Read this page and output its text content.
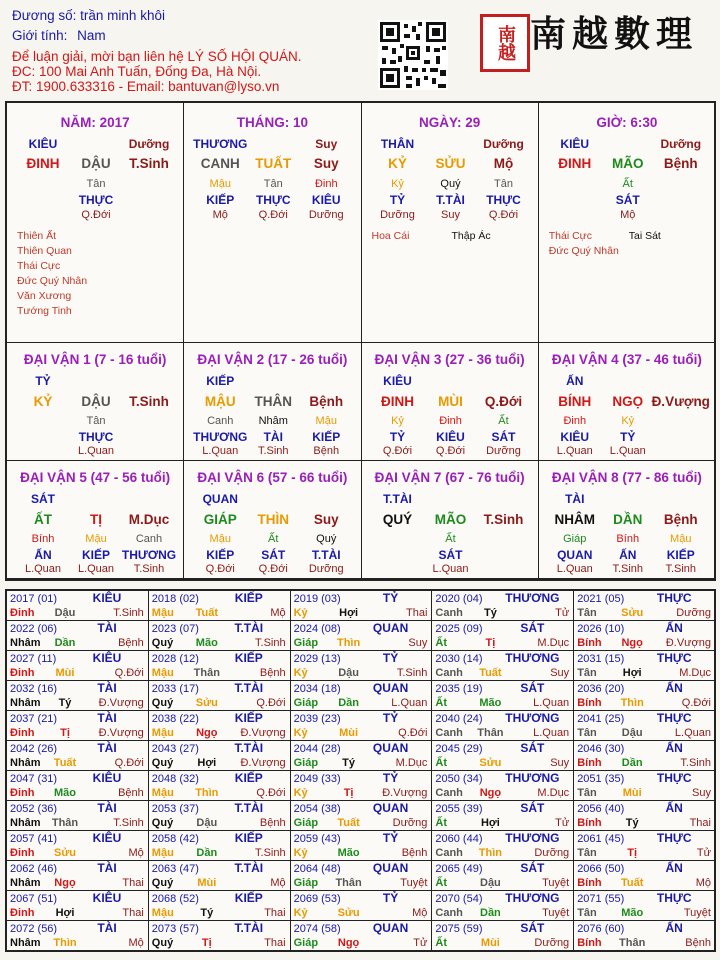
Đương số: trần minh khôi
Giới tính: Nam
Để luận giải, mời bạn liên hệ LÝ SỐ HỘI QUÁN.
ĐC: 100 Mai Anh Tuấn, Đống Đa, Hà Nội.
ĐT: 1900.633316 - Email: bantuvan@lyso.vn
南越 南越數理
NĂM: 2017
KIÊU	Dưỡng
ĐINH DẬU T.Sinh
Tân
THỰC
Q.Đới
Thiên Ất
Thiên Quan
Thái Cực
Đức Quý Nhân
Văn Xương
Tướng Tinh
THÁNG: 10
THƯƠNG	Suy
CANH TUẤT Suy
Mậu	Tân	Đinh
KIẾP THỰC KIÊU
Mộ	Q.Đới Dưỡng
NGÀY: 29
THÂN	Dưỡng
KỶ SỬU Mộ
Kỷ	Quý	Tân
TỶ	T.TÀI THỰC
Dưỡng Suy	Q.Đới
Hoa Cái	Thập Ác
GIỜ: 6:30
KIÊU	Dưỡng
ĐINH MÃO Bệnh
Ất
SÁT
Mộ
Thái Cực
Đức Quý Nhân
Tai Sát
ĐẠI VẬN 1 (7 - 16 tuổi)
TỶ
KỶ DẬU T.Sinh
Tân
THỰC
L.Quan
ĐẠI VẬN 2 (17 - 26 tuổi)
KIẾP
MẬU THÂN Bệnh
Canh Nhâm	Mậu
THƯƠNG TÀI KIẾP
L.Quan T.Sinh Bệnh
ĐẠI VẬN 3 (27 - 36 tuổi)
KIÊU
ĐINH MÙI Q.Đới
Kỷ	Đinh	Ất
TỶ	KIÊU SÁT
Q.Đới Q.Đới Dưỡng
ĐẠI VẬN 4 (37 - 46 tuổi)
ẤN
BÍNH NGỌ Đ.Vượng
Đinh	Kỷ
KIÊU	TỶ
L.Quan L.Quan
ĐẠI VẬN 5 (47 - 56 tuổi)
SÁT
ẤT	TỊ M.Dục
Bính	Mậu	Canh
ẤN	KIẾP THƯƠNG
L.Quan L.Quan T.Sinh
ĐẠI VẬN 6 (57 - 66 tuổi)
QUAN
GIÁP THÌN Suy
Mậu	Ất	Quý
KIẾP SÁT T.TÀI
Q.Đới Q.Đới Dưỡng
ĐẠI VẬN 7 (67 - 76 tuổi)
T.TÀI
QUÝ MÃO T.Sinh
Ất
SÁT
L.Quan
ĐẠI VẬN 8 (77 - 86 tuổi)
TÀI
NHÂM DẦN Bệnh
Giáp	Bính	Mậu
QUAN ẤN	KIẾP
L.Quan T.Sinh T.Sinh
2017 (01)	KIÊU
Đinh Dậu	T.Sinh
2018 (02)	KIẾP
Mậu Tuất	Mộ
2019 (03)	TỶ
Kỷ	Hợi	Thai
2020 (04) THƯƠNG
Canh Tý	Tử
2021 (05)	THỰC
Tân Sửu	Dưỡng
2022 (06)	TÀI
Nhâm Dần	Bệnh
2023 (07)	T.TÀI
Quý Mão	T.Sinh
2024 (08)	QUAN
Giáp Thìn	Suy
2025 (09)	SÁT
Ất	Tị	M.Dục
2026 (10)	ẤN
Bính Ngọ Đ.Vượng
2027 (11)	KIÊU
Đinh Mùi	Q.Đới
2028 (12)	KIẾP
Mậu Thân	Bệnh
2029 (13)	TỶ
Kỷ	Dậu	T.Sinh
2030 (14) THƯƠNG
Canh Tuất	Suy
2031 (15)	THỰC
Tân Hợi	M.Dục
2032 (16)	TÀI
Nhâm Tý Đ.Vượng
2033 (17)	T.TÀI
Quý Sửu	Q.Đới
2034 (18)	QUAN
Giáp Dần	L.Quan
2035 (19)	SÁT
Ất	Mão	L.Quan
2036 (20)	ẤN
Bính Thìn	Q.Đới
2037 (21)	TÀI
Đinh Tị	Đ.Vượng
2038 (22)	KIẾP
Mậu Ngọ Đ.Vượng
2039 (23)	TỶ
Kỷ	Mùi	Q.Đới
2040 (24) THƯƠNG
Canh Thân	L.Quan
2041 (25)	THỰC
Tân Dậu	L.Quan
2042 (26)	TÀI
Nhâm Tuất	Q.Đới
2043 (27)	T.TÀI
Quý Hợi Đ.Vượng
2044 (28)	QUAN
Giáp Tý	M.Dục
2045 (29)	SÁT
Ất	Sửu	Suy
2046 (30)	ẤN
Bính Dần	T.Sinh
2047 (31)	KIÊU
Đinh Mão	Bệnh
2048 (32)	KIẾP
Mậu Thìn	Q.Đới
2049 (33)	TỶ
Kỷ	Tị	Đ.Vượng
2050 (34) THƯƠNG
Canh Ngọ	M.Dục
2051 (35)	THỰC
Tân Mùi	Suy
2052 (36)	TÀI
Nhâm Thân	T.Sinh
2053 (37)	T.TÀI
Quý Dậu	Bệnh
2054 (38)	QUAN
Giáp Tuất	Dưỡng
2055 (39)	SÁT
Ất	Hợi	Tử
2056 (40)	ẤN
Bính Tý	Thai
2057 (41)	KIÊU
Đinh Sửu	Mộ
2058 (42)	KIẾP
Mậu Dần	T.Sinh
2059 (43)	TỶ
Kỷ	Mão	Bệnh
2060 (44) THƯƠNG
Canh Thìn	Dưỡng
2061 (45)	THỰC
Tân	Tị	Tử
2062 (46)	TÀI
Nhâm Ngọ	Thai
2063 (47)	T.TÀI
Quý Mùi	Mộ
2064 (48)	QUAN
Giáp Thân	Tuyệt
2065 (49)	SÁT
Ất	Dậu	Tuyệt
2066 (50)	ẤN
Bính Tuất	Mộ
2067 (51)	KIÊU
Đinh Hợi	Thai
2068 (52)	KIẾP
Mậu Tý	Thai
2069 (53)	TỶ
Kỷ	Sửu	Mộ
2070 (54) THƯƠNG
Canh Dần	Tuyệt
2071 (55)	THỰC
Tân Mão	Tuyệt
2072 (56)	TÀI
Nhâm Thìn	Mộ
2073 (57)	T.TÀI
Quý	Tị	Thai
2074 (58)	QUAN
Giáp Ngọ	Tử
2075 (59)	SÁT
Ất	Mùi	Dưỡng
2076 (60)	ẤN
Bính Thân	Bệnh
